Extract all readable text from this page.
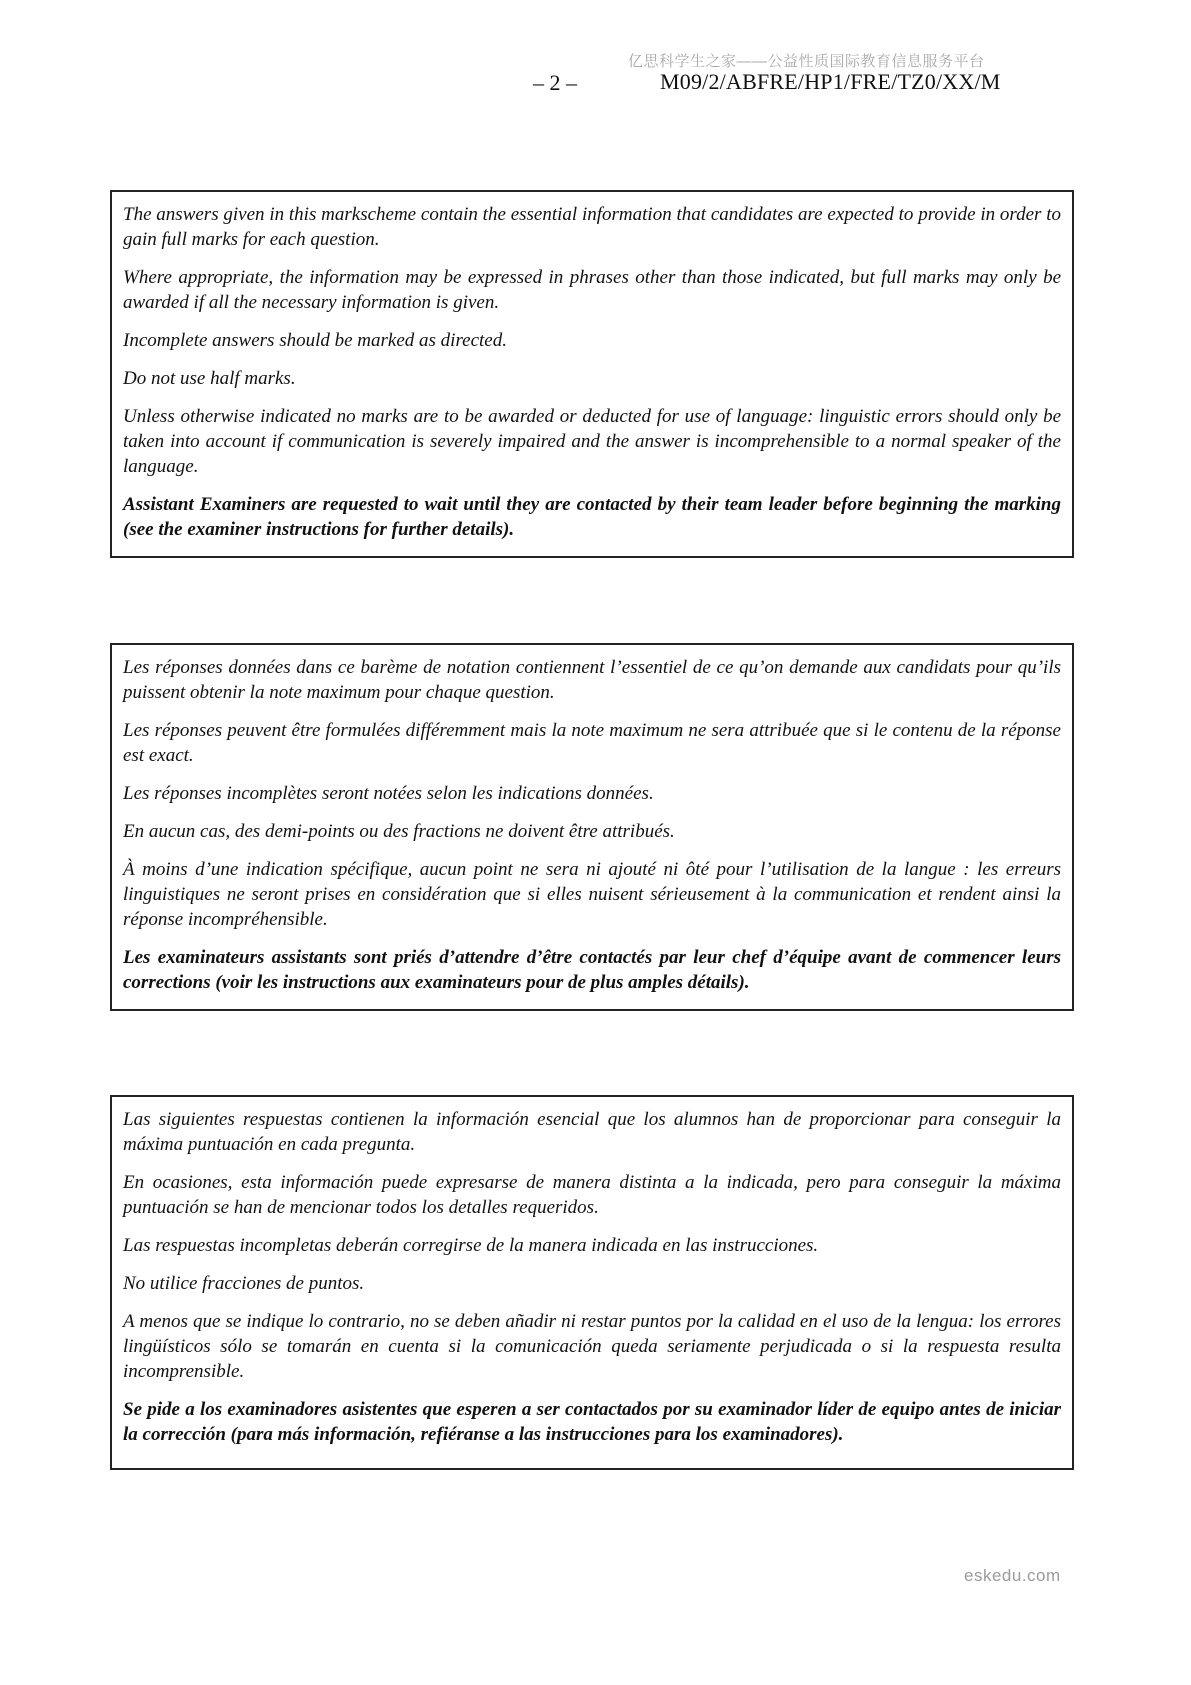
亿思科学生之家——公益性质国际教育信息服务平台
– 2 –	M09/2/ABFRE/HP1/FRE/TZ0/XX/M

The answers given in this markscheme contain the essential information that candidates are expected to provide in order to gain full marks for each question.

Where appropriate, the information may be expressed in phrases other than those indicated, but full marks may only be awarded if all the necessary information is given.

Incomplete answers should be marked as directed.

Do not use half marks.

Unless otherwise indicated no marks are to be awarded or deducted for use of language: linguistic errors should only be taken into account if communication is severely impaired and the answer is incomprehensible to a normal speaker of the language.

Assistant Examiners are requested to wait until they are contacted by their team leader before beginning the marking (see the examiner instructions for further details).

Les réponses données dans ce barème de notation contiennent l’essentiel de ce qu’on demande aux candidats pour qu’ils puissent obtenir la note maximum pour chaque question.

Les réponses peuvent être formulées différemment mais la note maximum ne sera attribuée que si le contenu de la réponse est exact.

Les réponses incomplètes seront notées selon les indications données.

En aucun cas, des demi-points ou des fractions ne doivent être attribués.

À moins d’une indication spécifique, aucun point ne sera ni ajouté ni ôté pour l’utilisation de la langue : les erreurs linguistiques ne seront prises en considération que si elles nuisent sérieusement à la communication et rendent ainsi la réponse incompréhensible.

Les examinateurs assistants sont priés d’attendre d’être contactés par leur chef d’équipe avant de commencer leurs corrections (voir les instructions aux examinateurs pour de plus amples détails).

Las siguientes respuestas contienen la información esencial que los alumnos han de proporcionar para conseguir la máxima puntuación en cada pregunta.

En ocasiones, esta información puede expresarse de manera distinta a la indicada, pero para conseguir la máxima puntuación se han de mencionar todos los detalles requeridos.

Las respuestas incompletas deberán corregirse de la manera indicada en las instrucciones.

No utilice fracciones de puntos.

A menos que se indique lo contrario, no se deben añadir ni restar puntos por la calidad en el uso de la lengua: los errores lingüísticos sólo se tomarán en cuenta si la comunicación queda seriamente perjudicada o si la respuesta resulta incomprensible.

Se pide a los examinadores asistentes que esperen a ser contactados por su examinador líder de equipo antes de iniciar la corrección (para más información, refiéranse a las instrucciones para los examinadores).

eskedu.com
